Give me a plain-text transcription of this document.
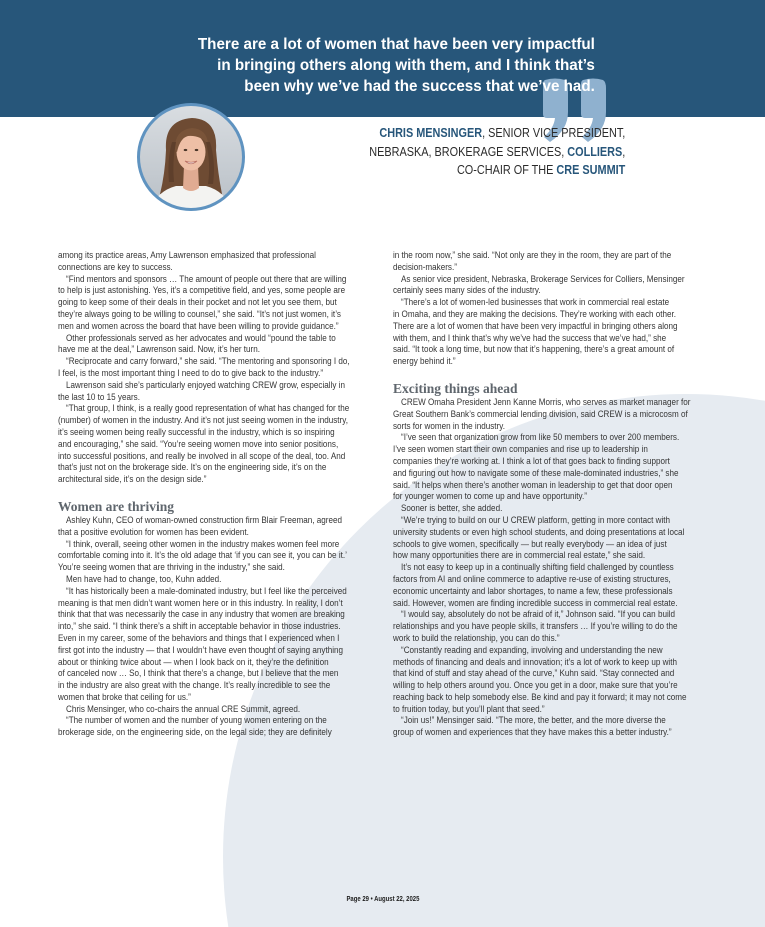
There are a lot of women that have been very impactful
in bringing others along with them, and I think that’s
been why we’ve had the success that we’ve had.
CHRIS MENSINGER, SENIOR VICE PRESIDENT,
NEBRASKA, BROKERAGE SERVICES, COLLIERS,
CO-CHAIR OF THE CRE SUMMIT
among its practice areas, Amy Lawrenson emphasized that professional
connections are key to success.
“Find mentors and sponsors … The amount of people out there that are willing
to help is just astonishing. Yes, it’s a competitive field, and yes, some people are
going to keep some of their deals in their pocket and not let you see them, but
they’re always going to be willing to counsel,” she said. “It’s not just women, it’s
men and women across the board that have been willing to provide guidance.”
Other professionals served as her advocates and would “pound the table to
have me at the deal,” Lawrenson said. Now, it’s her turn.
“Reciprocate and carry forward,” she said. “The mentoring and sponsoring I do,
I feel, is the most important thing I need to do to give back to the industry.”
Lawrenson said she’s particularly enjoyed watching CREW grow, especially in
the last 10 to 15 years.
“That group, I think, is a really good representation of what has changed for the
(number) of women in the industry. And it’s not just seeing women in the industry,
it’s seeing women being really successful in the industry, which is so inspiring
and encouraging,” she said. “You’re seeing women move into senior positions,
into successful positions, and really be involved in all scope of the deal, too. And
that’s just not on the brokerage side. It’s on the engineering side, it’s on the
architectural side, it’s on the design side.”
Women are thriving
Ashley Kuhn, CEO of woman-owned construction firm Blair Freeman, agreed
that a positive evolution for women has been evident.
“I think, overall, seeing other women in the industry makes women feel more
comfortable coming into it. It’s the old adage that ‘if you can see it, you can be it.’
You’re seeing women that are thriving in the industry,” she said.
Men have had to change, too, Kuhn added.
“It has historically been a male-dominated industry, but I feel like the perceived
meaning is that men didn’t want women here or in this industry. In reality, I don’t
think that that was necessarily the case in any industry that women are breaking
into,” she said. “I think there’s a shift in acceptable behavior in those industries.
Even in my career, some of the behaviors and things that I experienced when I
first got into the industry — that I wouldn’t have even thought of saying anything
about or thinking twice about — when I look back on it, they’re the definition
of canceled now … So, I think that there’s a change, but I believe that the men
in the industry are also great with the change. It’s really incredible to see the
women that broke that ceiling for us.”
Chris Mensinger, who co-chairs the annual CRE Summit, agreed.
“The number of women and the number of young women entering on the
brokerage side, on the engineering side, on the legal side; they are definitely
in the room now,” she said. “Not only are they in the room, they are part of the
decision-makers.”
As senior vice president, Nebraska, Brokerage Services for Colliers, Mensinger
certainly sees many sides of the industry.
“There’s a lot of women-led businesses that work in commercial real estate
in Omaha, and they are making the decisions. They’re working with each other.
There are a lot of women that have been very impactful in bringing others along
with them, and I think that’s why we’ve had the success that we’ve had,” she
said. “It took a long time, but now that it’s happening, there’s a great amount of
energy behind it.”
Exciting things ahead
CREW Omaha President Jenn Kanne Morris, who serves as market manager for
Great Southern Bank’s commercial lending division, said CREW is a microcosm of
sorts for women in the industry.
“I’ve seen that organization grow from like 50 members to over 200 members.
I’ve seen women start their own companies and rise up to leadership in
companies they’re working at. I think a lot of that goes back to finding support
and figuring out how to navigate some of these male-dominated industries,” she
said. “It helps when there’s another woman in leadership to get that door open
for younger women to come up and have opportunity.”
Sooner is better, she added.
“We’re trying to build on our U CREW platform, getting in more contact with
university students or even high school students, and doing presentations at local
schools to give women, specifically — but really everybody — an idea of just
how many opportunities there are in commercial real estate,” she said.
It’s not easy to keep up in a continually shifting field challenged by countless
factors from AI and online commerce to adaptive re-use of existing structures,
economic uncertainty and labor shortages, to name a few, these professionals
said. However, women are finding incredible success in commercial real estate.
“I would say, absolutely do not be afraid of it,” Johnson said. “If you can build
relationships and you have people skills, it transfers … If you’re willing to do the
work to build the relationship, you can do this.”
“Constantly reading and expanding, involving and understanding the new
methods of financing and deals and innovation; it’s a lot of work to keep up with
that kind of stuff and stay ahead of the curve,” Kuhn said. “Stay connected and
willing to help others around you. Once you get in a door, make sure that you’re
reaching back to help somebody else. Be kind and pay it forward; it may not come
to fruition today, but you’ll plant that seed.”
“Join us!” Mensinger said. “The more, the better, and the more diverse the
group of women and experiences that they have makes this a better industry.”
Page 29 • August 22, 2025
